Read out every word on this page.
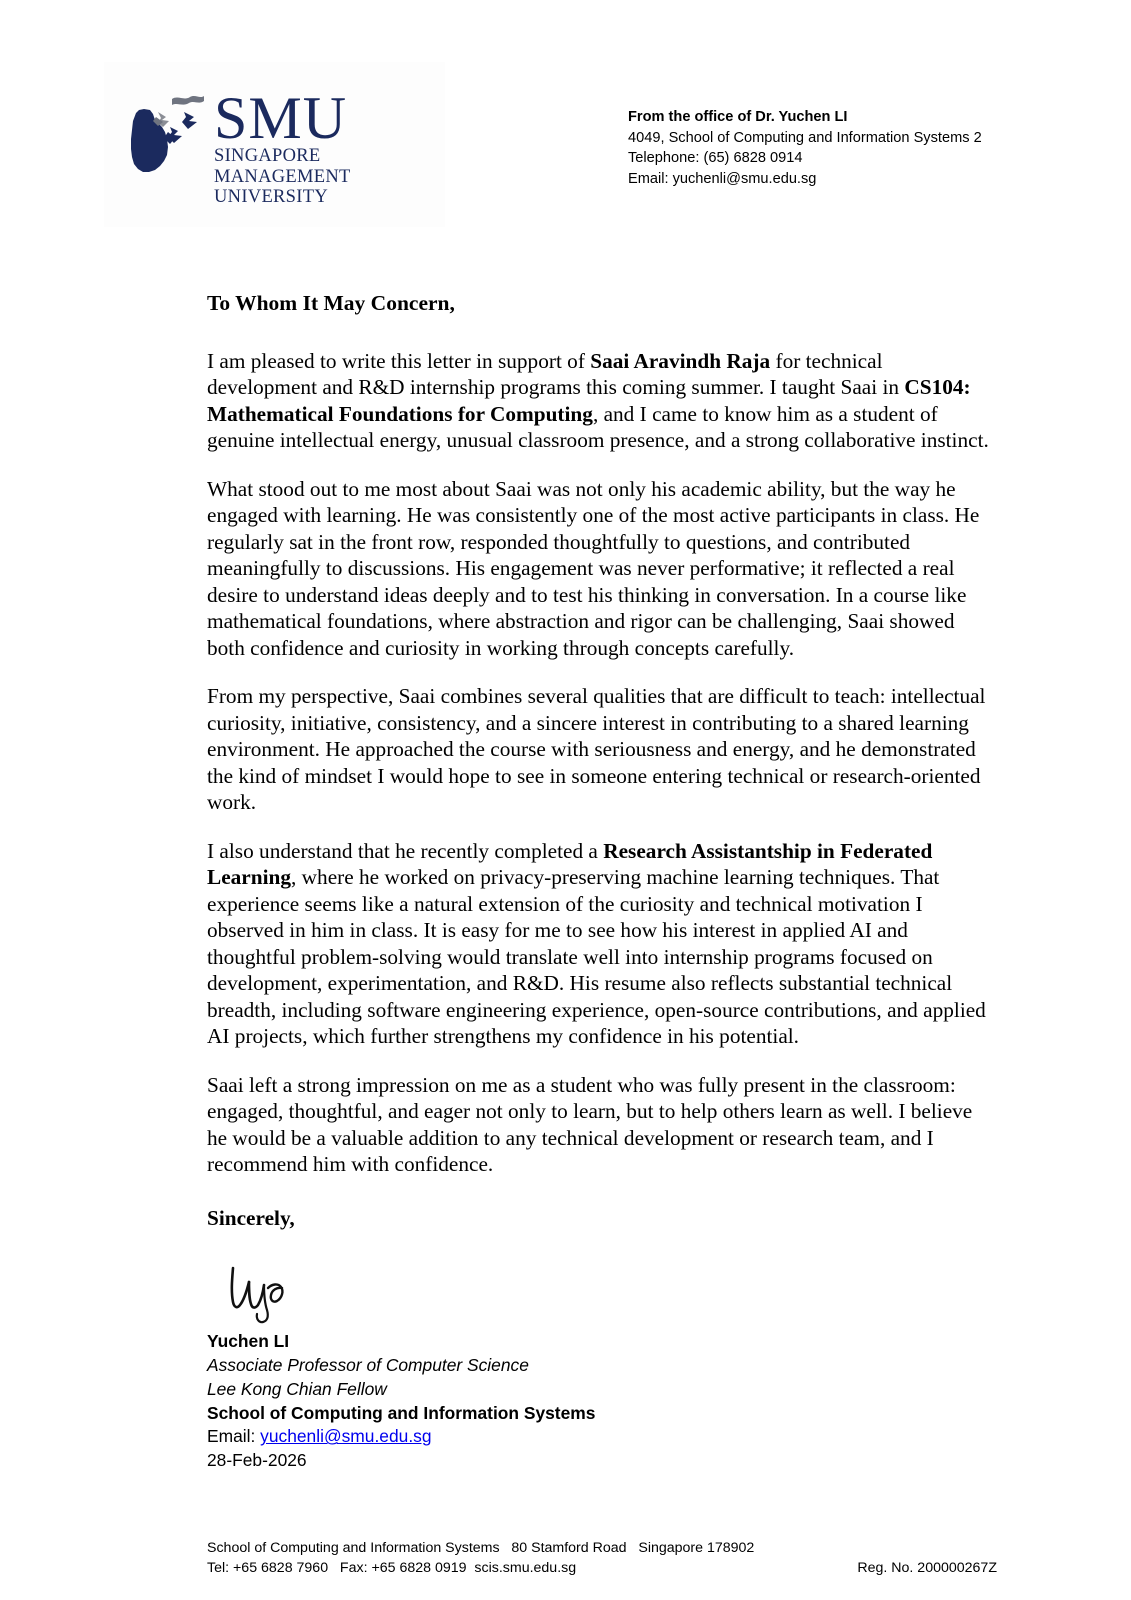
SMU
SINGAPORE MANAGEMENT
UNIVERSITY
From the office of Dr. Yuchen LI
4049, School of Computing and Information Systems 2
Telephone: (65) 6828 0914
Email: yuchenli@smu.edu.sg
To Whom It May Concern,

I am pleased to write this letter in support of Saai Aravindh Raja for technical development and R&D internship programs this coming summer. I taught Saai in CS104: Mathematical Foundations for Computing, and I came to know him as a student of genuine intellectual energy, unusual classroom presence, and a strong collaborative instinct.

What stood out to me most about Saai was not only his academic ability, but the way he engaged with learning. He was consistently one of the most active participants in class. He regularly sat in the front row, responded thoughtfully to questions, and contributed meaningfully to discussions. His engagement was never performative; it reflected a real desire to understand ideas deeply and to test his thinking in conversation. In a course like mathematical foundations, where abstraction and rigor can be challenging, Saai showed both confidence and curiosity in working through concepts carefully.

From my perspective, Saai combines several qualities that are difficult to teach: intellectual curiosity, initiative, consistency, and a sincere interest in contributing to a shared learning environment. He approached the course with seriousness and energy, and he demonstrated the kind of mindset I would hope to see in someone entering technical or research-oriented work.

I also understand that he recently completed a Research Assistantship in Federated Learning, where he worked on privacy-preserving machine learning techniques. That experience seems like a natural extension of the curiosity and technical motivation I observed in him in class. It is easy for me to see how his interest in applied AI and thoughtful problem-solving would translate well into internship programs focused on development, experimentation, and R&D. His resume also reflects substantial technical breadth, including software engineering experience, open-source contributions, and applied AI projects, which further strengthens my confidence in his potential.

Saai left a strong impression on me as a student who was fully present in the classroom: engaged, thoughtful, and eager not only to learn, but to help others learn as well. I believe he would be a valuable addition to any technical development or research team, and I recommend him with confidence.

Sincerely,
Yuchen LI
Associate Professor of Computer Science
Lee Kong Chian Fellow
School of Computing and Information Systems
Email: yuchenli@smu.edu.sg
28-Feb-2026
School of Computing and Information Systems   80 Stamford Road   Singapore 178902
Tel: +65 6828 7960   Fax: +65 6828 0919  scis.smu.edu.sg	Reg. No. 200000267Z
